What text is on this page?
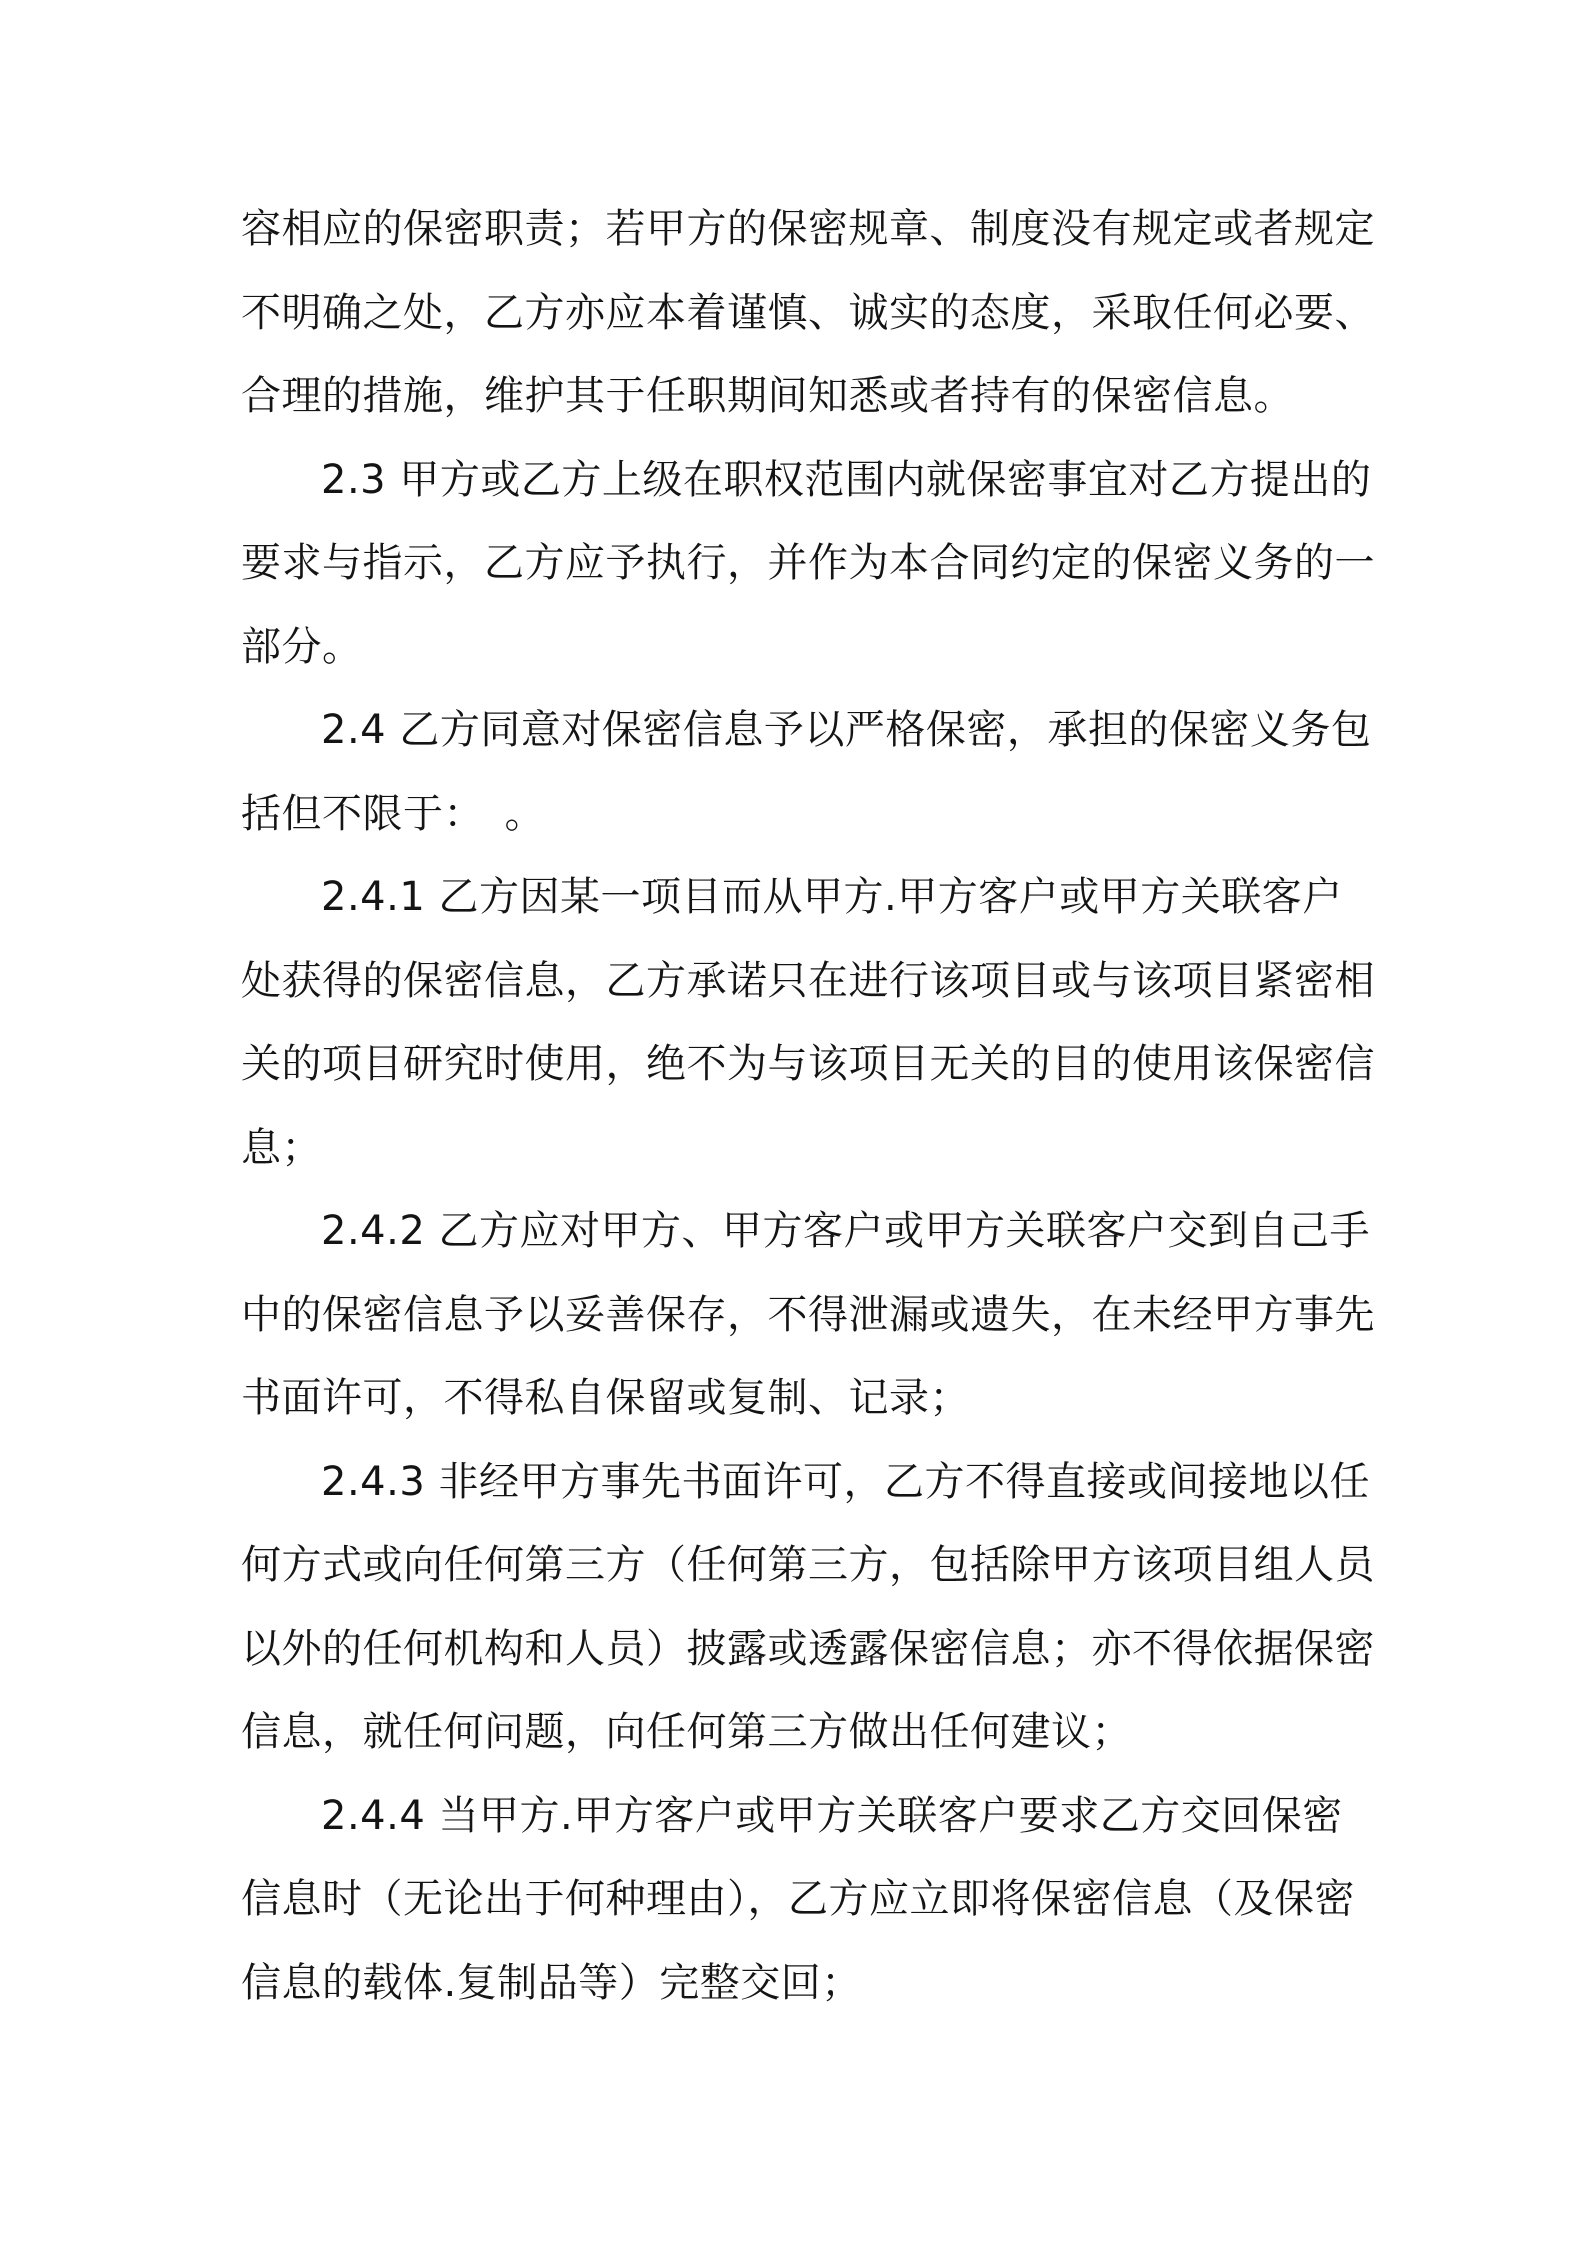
容相应的保密职责；若甲方的保密规章、制度没有规定或者规定
不明确之处，乙方亦应本着谨慎、诚实的态度，采取任何必要、
合理的措施，维护其于任职期间知悉或者持有的保密信息。
2.3 甲方或乙方上级在职权范围内就保密事宜对乙方提出的
要求与指示，乙方应予执行，并作为本合同约定的保密义务的一
部分。
2.4 乙方同意对保密信息予以严格保密，承担的保密义务包
括但不限于：　。
2.4.1 乙方因某一项目而从甲方.甲方客户或甲方关联客户
处获得的保密信息，乙方承诺只在进行该项目或与该项目紧密相
关的项目研究时使用，绝不为与该项目无关的目的使用该保密信
息；
2.4.2 乙方应对甲方、甲方客户或甲方关联客户交到自己手
中的保密信息予以妥善保存，不得泄漏或遗失，在未经甲方事先
书面许可，不得私自保留或复制、记录；
2.4.3 非经甲方事先书面许可，乙方不得直接或间接地以任
何方式或向任何第三方（任何第三方，包括除甲方该项目组人员
以外的任何机构和人员）披露或透露保密信息；亦不得依据保密
信息，就任何问题，向任何第三方做出任何建议；
2.4.4 当甲方.甲方客户或甲方关联客户要求乙方交回保密
信息时（无论出于何种理由），乙方应立即将保密信息（及保密
信息的载体.复制品等）完整交回；
